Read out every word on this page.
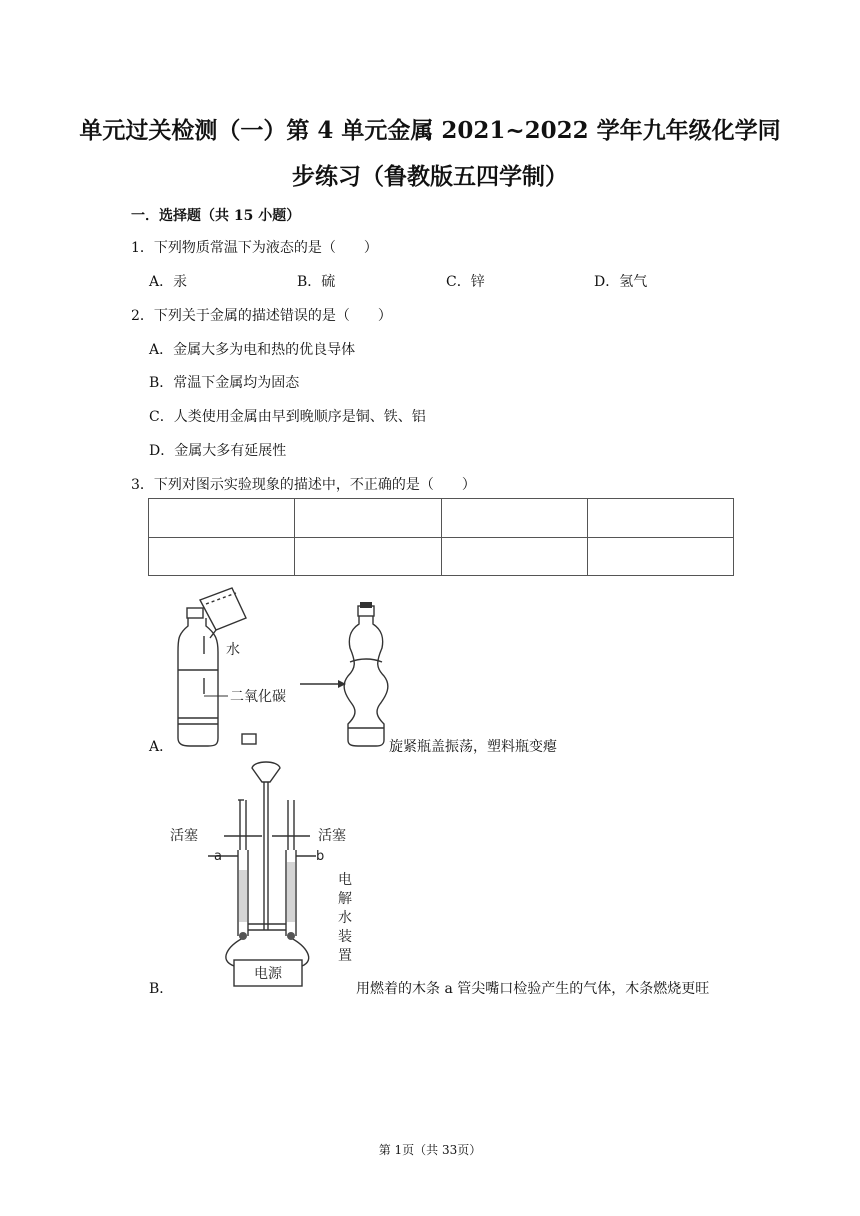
单元过关检测（一）第 4 单元金属 2021~2022 学年九年级化学同
步练习（鲁教版五四学制）
一．选择题（共 15 小题）
1．下列物质常温下为液态的是（　　）
A．汞	B．硫	C．锌	D．氢气
2．下列关于金属的描述错误的是（　　）
A．金属大多为电和热的优良导体
B．常温下金属均为固态
C．人类使用金属由早到晚顺序是铜、铁、铝
D．金属大多有延展性
3．下列对图示实验现象的描述中，不正确的是（　　）

水
二氧化碳
A．	旋紧瓶盖振荡，塑料瓶变瘪
活塞	活塞
a	b
电
解
水
装
置
电源
B．	用燃着的木条 a 管尖嘴口检验产生的气体，木条燃烧更旺
第 1页（共 33页）
